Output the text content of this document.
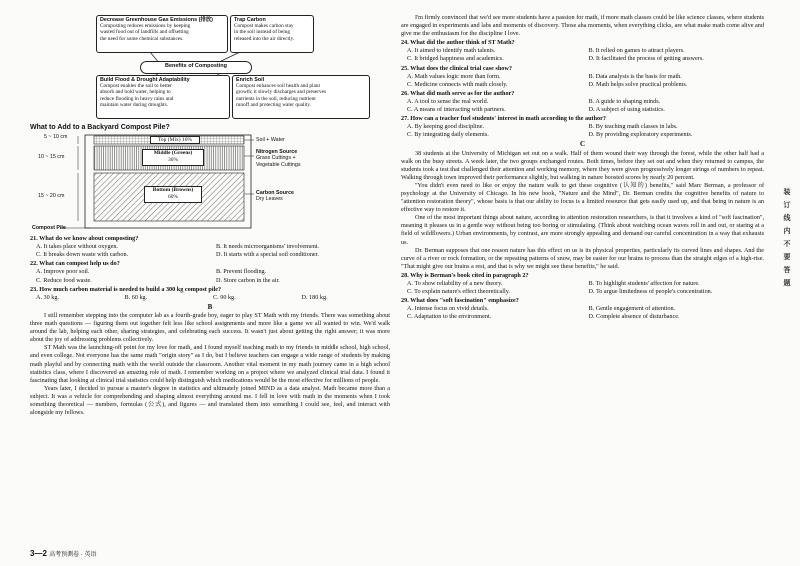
Decrease Greenhouse Gas Emissions (排放)
Composting reduces emissions by keeping
wasted food out of landfills and offsetting
the need for some chemical substances.
Trap Carbon
Compost makes carbon stay
in the soil instead of being
released into the air directly.
Benefits of Composting
Build Flood & Drought Adaptability
Compost enables the soil to better
absorb and hold water, helping to
reduce flooding in heavy rains and
maintain water during droughts.
Enrich Soil
Compost enhances soil health and plant
growth; it slowly discharges and preserves
nutrients in the soil, reducing nutrient
runoff and protecting water quality.
What to Add to a Backyard Compost Pile?
5 ~ 10 cm
10 ~ 15 cm
15 ~ 20 cm
Top (Mix) 10%
Middle (Greens)
30%
Bottom (Browns)
60%
Soil + Water
Nitrogen Source
Grass Cuttings +
Vegetable Cuttings
Carbon Source
Dry Leaves
Compost Pile

21. What do we know about composting?

A. It takes place without oxygen.	B. It needs microorganisms' involvement.
C. It breaks down waste with carbon.	D. It starts with a special soil conditioner.

22. What can compost help us do?

A. Improve poor soil.	B. Prevent flooding.
C. Reduce food waste.	D. Store carbon in the air.

23. How much carbon material is needed to build a 300 kg compost pile?

A. 30 kg.	B. 60 kg.	C. 90 kg.	D. 180 kg.
B

I still remember stepping into the computer lab as a fourth-grade boy, eager to play ST Math with my friends. There was something about three math questions — figuring them out together felt less like school assignments and more like a game we all wanted to win. We'd walk around the lab, helping each other, sharing strategies, and celebrating each success. It wasn't just about getting the right answer; it was more about the joy of addressing problems collectively.

ST Math was the launching-off point for my love for math, and I found myself teaching math to my friends in middle school, high school, and even college. Not everyone has the same math "origin story" as I do, but I believe teachers can engage a wide range of students by making math playful and by connecting math with the world outside the classroom. Another vital moment in my math journey came in a high school statistics class, where I discovered an amazing role of math. I remember working on a project where we analyzed clinical trial data. I found it fascinating that looking at clinical trial statistics could help distinguish which medications would be the most effective for millions of people.

Years later, I decided to pursue a master's degree in statistics and ultimately joined MIND as a data analyst. Math became more than a subject. It was a vehicle for comprehending and shaping almost everything around me. I fell in love with math in the moments when I took something theoretical — numbers, formulas (公式), and figures — and translated them into something I could see, feel, and interact with alongside my fellows.

I'm firmly convinced that we'd see more students have a passion for math, if more math classes could be like science classes, where students are engaged in experiments and labs and moments of discovery. Those aha moments, when everything clicks, are what make math come alive and give me the enthusiasm for the discipline I love.

24. What did the author think of ST Math?

A. It aimed to identify math talents.	B. It relied on games to attract players.
C. It bridged happiness and academics.	D. It facilitated the process of getting answers.

25. What does the clinical trial case show?

A. Math values logic more than form.	B. Data analysis is the basis for math.
C. Medicine connects with math closely.	D. Math helps solve practical problems.

26. What did math serve as for the author?

A. A tool to sense the real world.	B. A guide to shaping minds.
C. A means of interacting with partners.	D. A subject of using statistics.

27. How can a teacher fuel students' interest in math according to the author?

A. By keeping good discipline.	B. By teaching math classes in labs.
C. By integrating daily elements.	D. By providing exploratory experiments.
C

38 students at the University of Michigan set out on a walk. Half of them wound their way through the forest, while the other half had a walk on the busy streets. A week later, the two groups exchanged routes. Both times, before they set out and when they returned to campus, the students took a test that challenged their attention and working memory, where they were given progressively longer strings of numbers to repeat. Walking through town improved their performance slightly, but walking in nature boosted scores by nearly 20 percent.

"You didn't even need to like or enjoy the nature walk to get these cognitive (认知的) benefits," said Marc Berman, a professor of psychology at the University of Chicago. In his new book, "Nature and the Mind", Dr. Berman credits the cognitive benefits of nature to "attention restoration theory", whose basis is that our ability to focus is a limited resource that gets easily used up, and that being in nature is an effective way to restore it.

One of the most important things about nature, according to attention restoration researchers, is that it involves a kind of "soft fascination", meaning it pleases us in a gentle way without being too boring or stimulating. (Think about watching ocean waves roll in and out, or staring at a field of wildflowers.) Urban environments, by contrast, are more strongly appealing and demand our careful concentration in a way that exhausts us.

Dr. Berman supposes that one reason nature has this effect on us is its physical properties, particularly its curved lines and shapes. And the curve of a river or rock formation, or the repeating patterns of snow, may be easier for our brains to process than the straight edges of a high-rise. "That might give our brains a rest, and that is why we might see these benefits," he said.

28. Why is Berman's book cited in paragraph 2?

A. To show reliability of a new theory.	B. To highlight students' affection for nature.
C. To explain nature's effect theoretically.	D. To argue limitedness of people's concentration.

29. What does "soft fascination" emphasize?

A. Intense focus on vivid details.	B. Gentle engagement of attention.
C. Adaptation to the environment.	D. Complete absence of disturbance.
装 订 线 内 不 要 答 题
3—2 高考预测卷 · 英语
